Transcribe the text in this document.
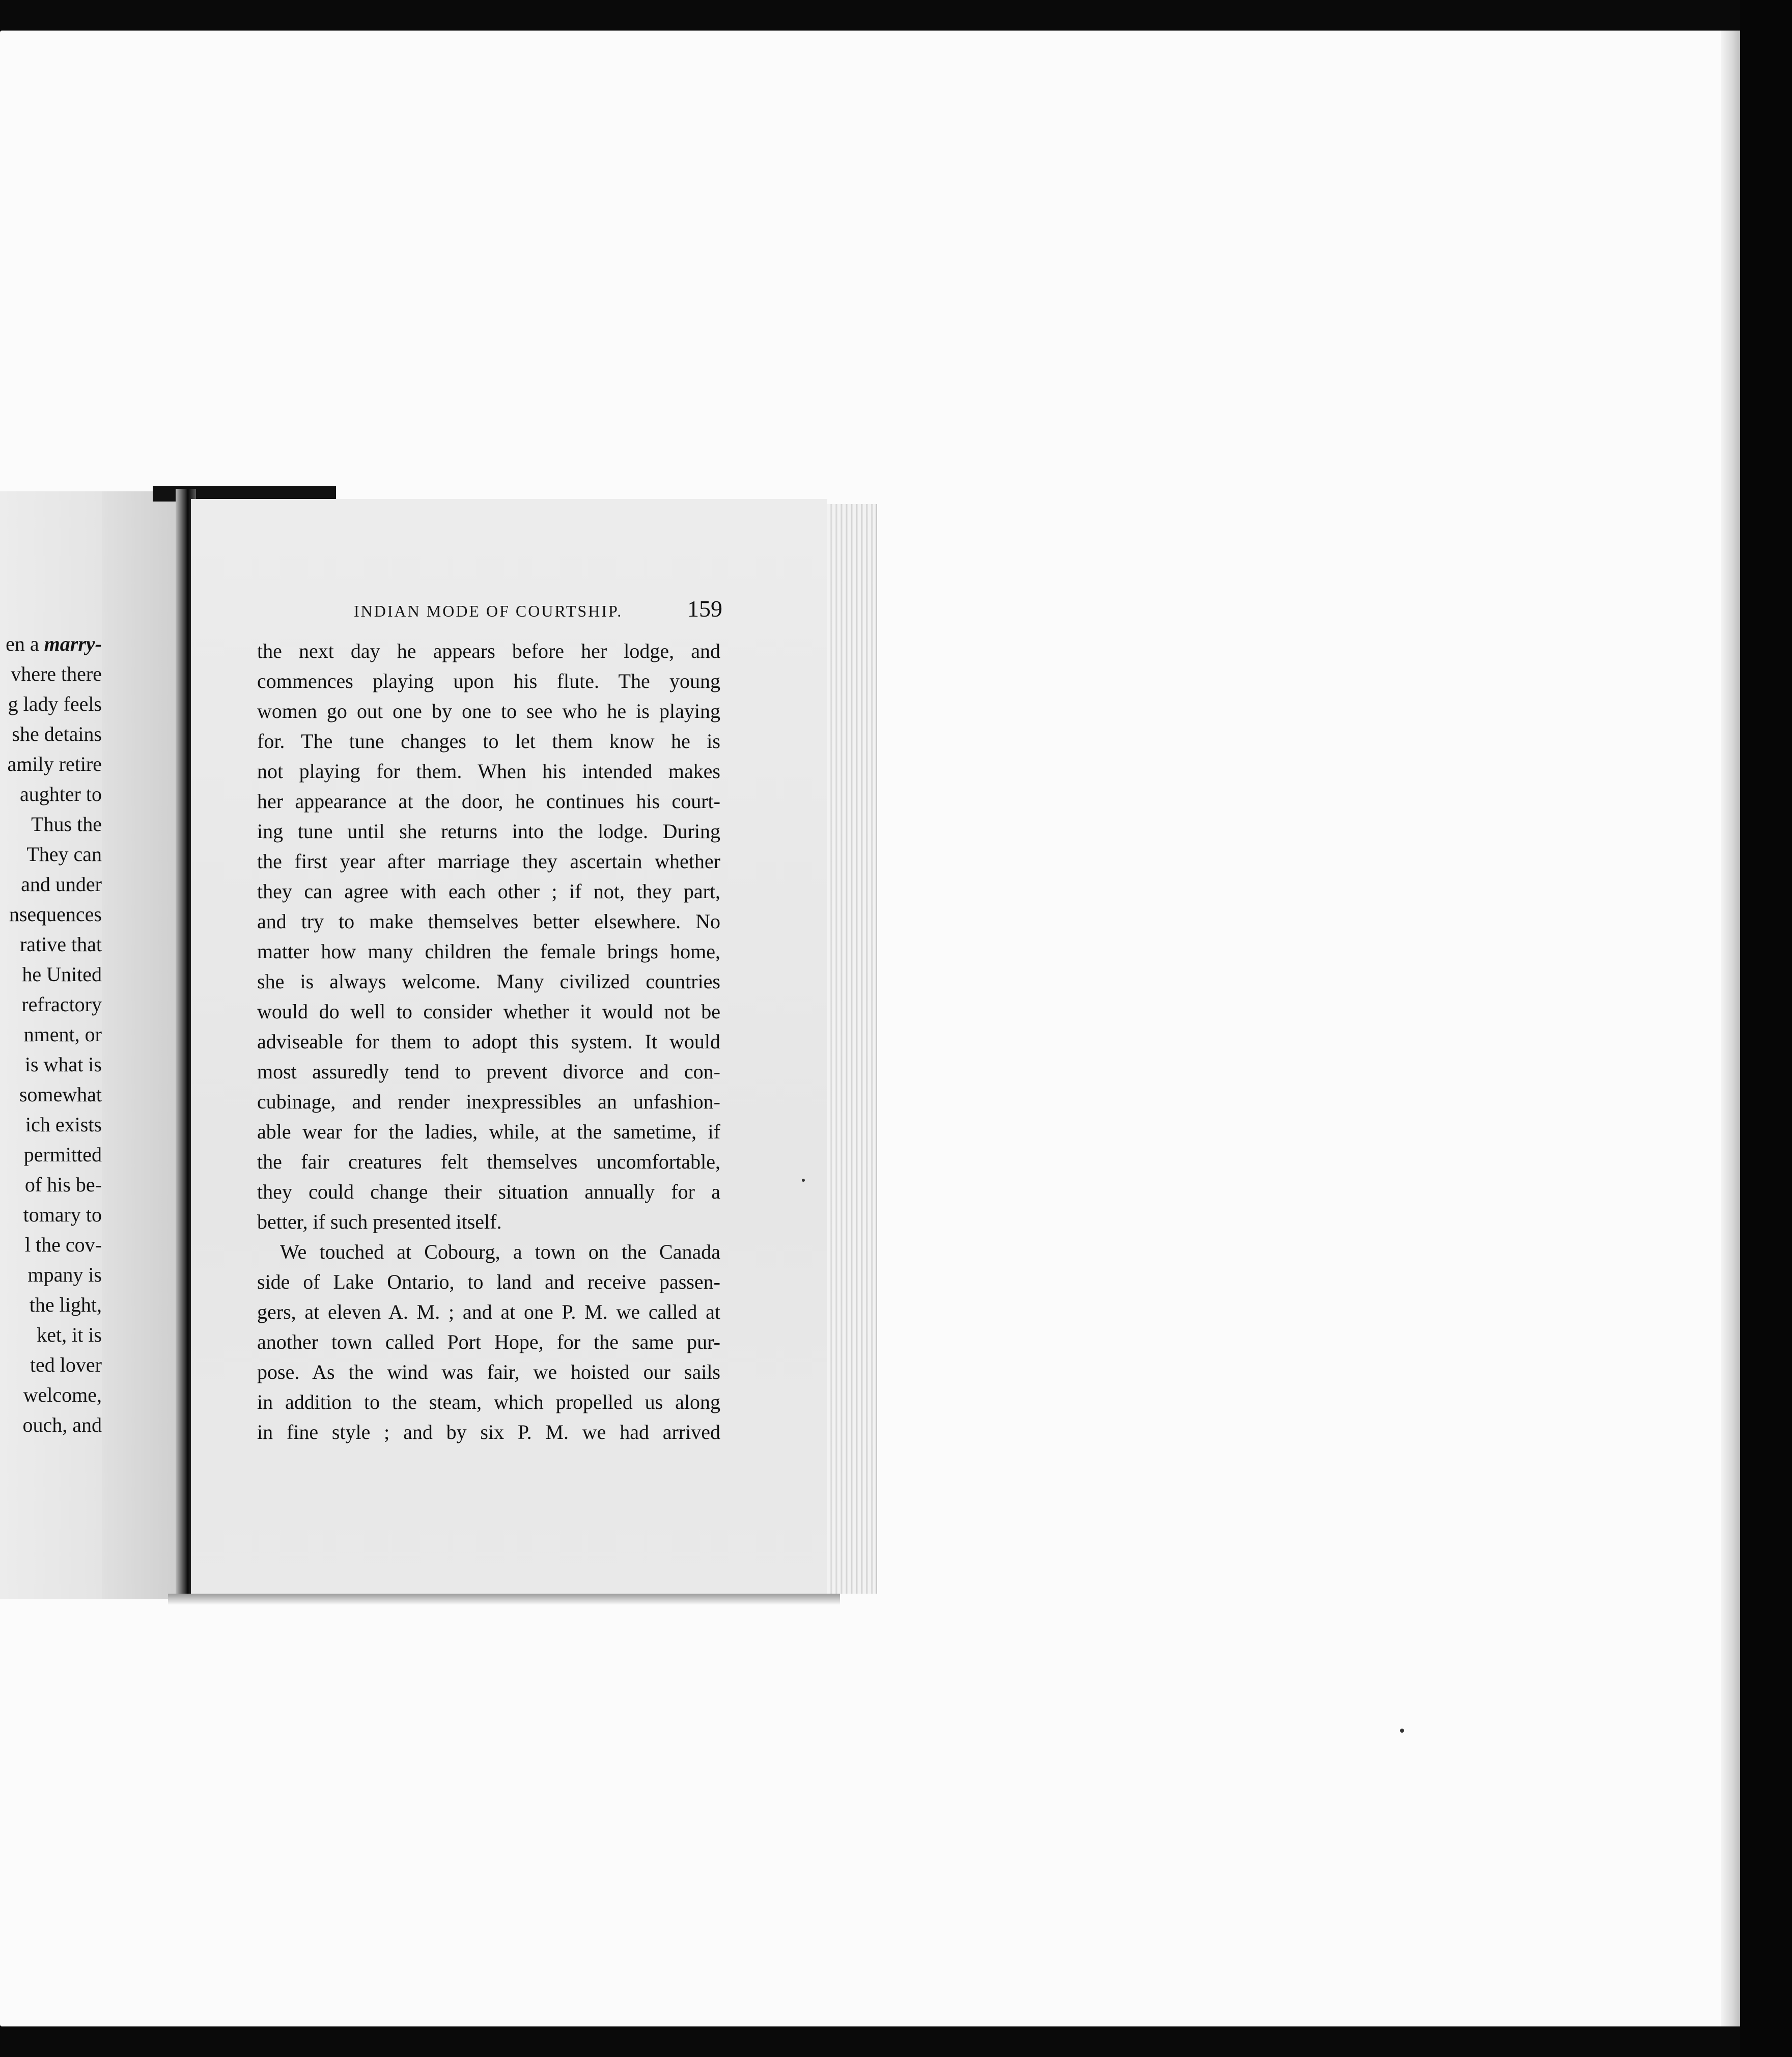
en a marry-
vhere there
g lady feels
she detains
amily retire
aughter to
Thus the
They can
and under
nsequences
rative that
he United
refractory
nment, or
is what is
somewhat
ich exists
permitted
of his be-
tomary to
l the cov-
mpany is
the light,
ket, it is
ted lover
welcome,
ouch, and
INDIAN MODE OF COURTSHIP.	159
the next day he appears before her lodge, and
commences playing upon his flute. The young
women go out one by one to see who he is playing
for. The tune changes to let them know he is
not playing for them. When his intended makes
her appearance at the door, he continues his court-
ing tune until she returns into the lodge. During
the first year after marriage they ascertain whether
they can agree with each other ; if not, they part,
and try to make themselves better elsewhere. No
matter how many children the female brings home,
she is always welcome. Many civilized countries
would do well to consider whether it would not be
adviseable for them to adopt this system. It would
most assuredly tend to prevent divorce and con-
cubinage, and render inexpressibles an unfashion-
able wear for the ladies, while, at the sametime, if
the fair creatures felt themselves uncomfortable,
they could change their situation annually for a
better, if such presented itself.
We touched at Cobourg, a town on the Canada
side of Lake Ontario, to land and receive passen-
gers, at eleven A. M. ; and at one P. M. we called at
another town called Port Hope, for the same pur-
pose. As the wind was fair, we hoisted our sails
in addition to the steam, which propelled us along
in fine style ; and by six P. M. we had arrived
